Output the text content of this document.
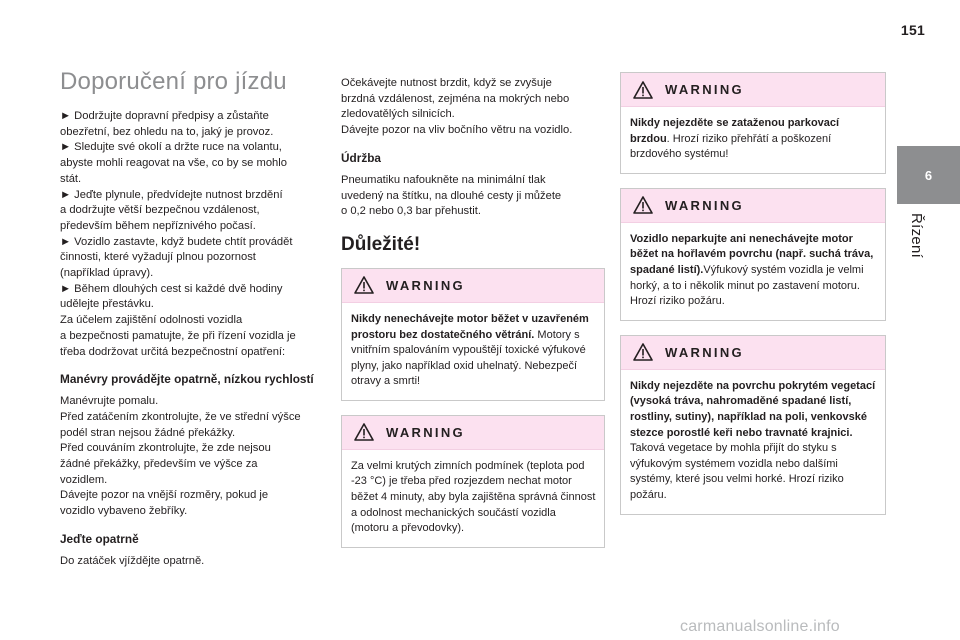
151
6
Řízení
Doporučení pro jízdu

► Dodržujte dopravní předpisy a zůstaňte

obezřetní, bez ohledu na to, jaký je provoz.

► Sledujte své okolí a držte ruce na volantu,

abyste mohli reagovat na vše, co by se mohlo

stát.

► Jeďte plynule, předvídejte nutnost brzdění

a dodržujte větší bezpečnou vzdálenost,

především během nepříznivého počasí.

► Vozidlo zastavte, když budete chtít provádět

činnosti, které vyžadují plnou pozornost

(například úpravy).

► Během dlouhých cest si každé dvě hodiny

udělejte přestávku.

Za účelem zajištění odolnosti vozidla

a bezpečnosti pamatujte, že při řízení vozidla je

třeba dodržovat určitá bezpečnostní opatření:

Manévry provádějte opatrně, nízkou rychlostí

Manévrujte pomalu.

Před zatáčením zkontrolujte, že ve střední výšce

podél stran nejsou žádné překážky.

Před couváním zkontrolujte, že zde nejsou

žádné překážky, především ve výšce za

vozidlem.

Dávejte pozor na vnější rozměry, pokud je

vozidlo vybaveno žebříky.

Jeďte opatrně

Do zatáček vjíždějte opatrně.

Očekávejte nutnost brzdit, když se zvyšuje

brzdná vzdálenost, zejména na mokrých nebo

zledovatělých silnicích.

Dávejte pozor na vliv bočního větru na vozidlo.

Údržba

Pneumatiku nafoukněte na minimální tlak

uvedený na štítku, na dlouhé cesty ji můžete

o 0,2 nebo 0,3 bar přehustit.

Důležité!
WARNING
Nikdy nenechávejte motor běžet v uzavřeném prostoru bez dostatečného větrání. Motory s vnitřním spalováním vypouštějí toxické výfukové plyny, jako například oxid uhelnatý. Nebezpečí otravy a smrti!
WARNING
Za velmi krutých zimních podmínek (teplota pod -23 °C) je třeba před rozjezdem nechat motor běžet 4 minuty, aby byla zajištěna správná činnost a odolnost mechanických součástí vozidla (motoru a převodovky).
WARNING
Nikdy nejezděte se zataženou parkovací brzdou. Hrozí riziko přehřátí a poškození brzdového systému!
WARNING
Vozidlo neparkujte ani nenechávejte motor běžet na hořlavém povrchu (např. suchá tráva, spadané listí).Výfukový systém vozidla je velmi horký, a to i několik minut po zastavení motoru. Hrozí riziko požáru.
WARNING
Nikdy nejezděte na povrchu pokrytém vegetací (vysoká tráva, nahromaděné spadané listí, rostliny, sutiny), například na poli, venkovské stezce porostlé keři nebo travnaté krajnici.
Taková vegetace by mohla přijít do styku s výfukovým systémem vozidla nebo dalšími systémy, které jsou velmi horké. Hrozí riziko požáru.
carmanualsonline.info
